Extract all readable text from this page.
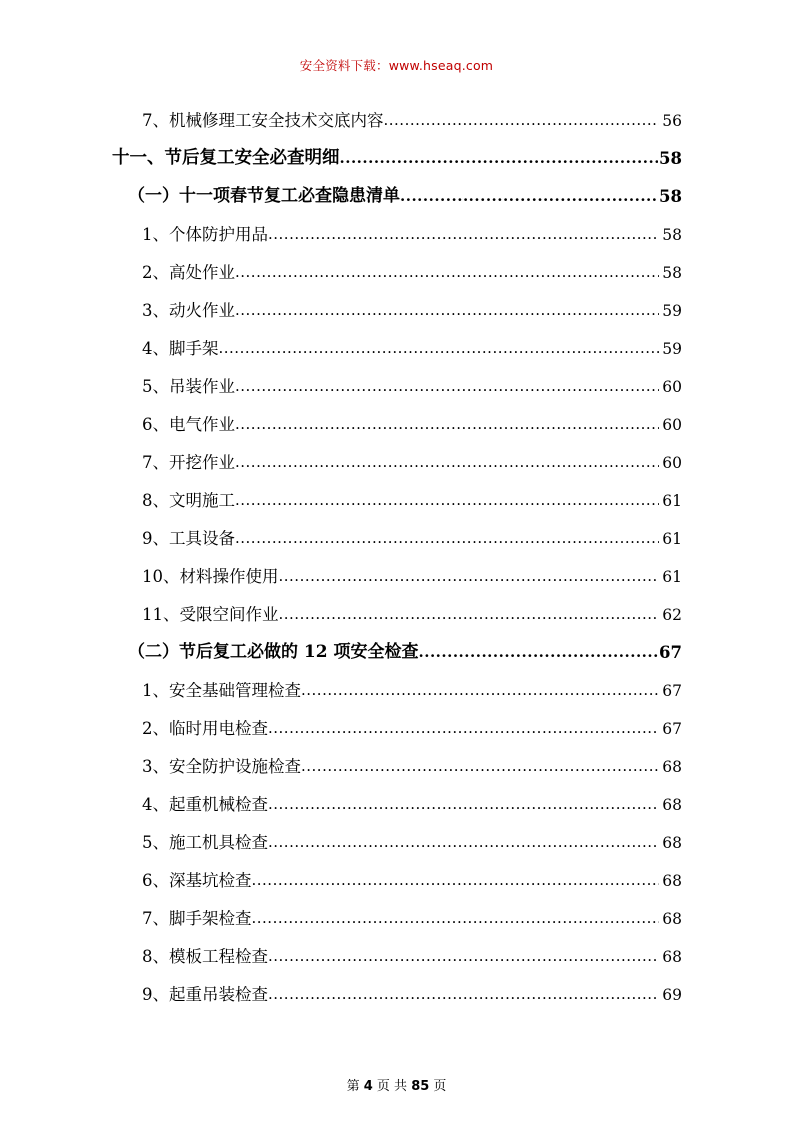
安全资料下载：www.hseaq.com
7、机械修理工安全技术交底内容 .....	56
十一、节后复工安全必查明细 .....	58
（一）十一项春节复工必查隐患清单 .....	58
1、个体防护用品 .....	58
2、高处作业 .....	58
3、动火作业 .....	59
4、脚手架 .....	59
5、吊装作业 .....	60
6、电气作业 .....	60
7、开挖作业 .....	60
8、文明施工 .....	61
9、工具设备 .....	61
10、材料操作使用 .....	61
11、受限空间作业 .....	62
（二）节后复工必做的 12 项安全检查 .....	67
1、安全基础管理检查 .....	67
2、临时用电检查 .....	67
3、安全防护设施检查 .....	68
4、起重机械检查 .....	68
5、施工机具检查 .....	68
6、深基坑检查 .....	68
7、脚手架检查 .....	68
8、模板工程检查 .....	68
9、起重吊装检查 .....	69
第 4 页 共 85 页
